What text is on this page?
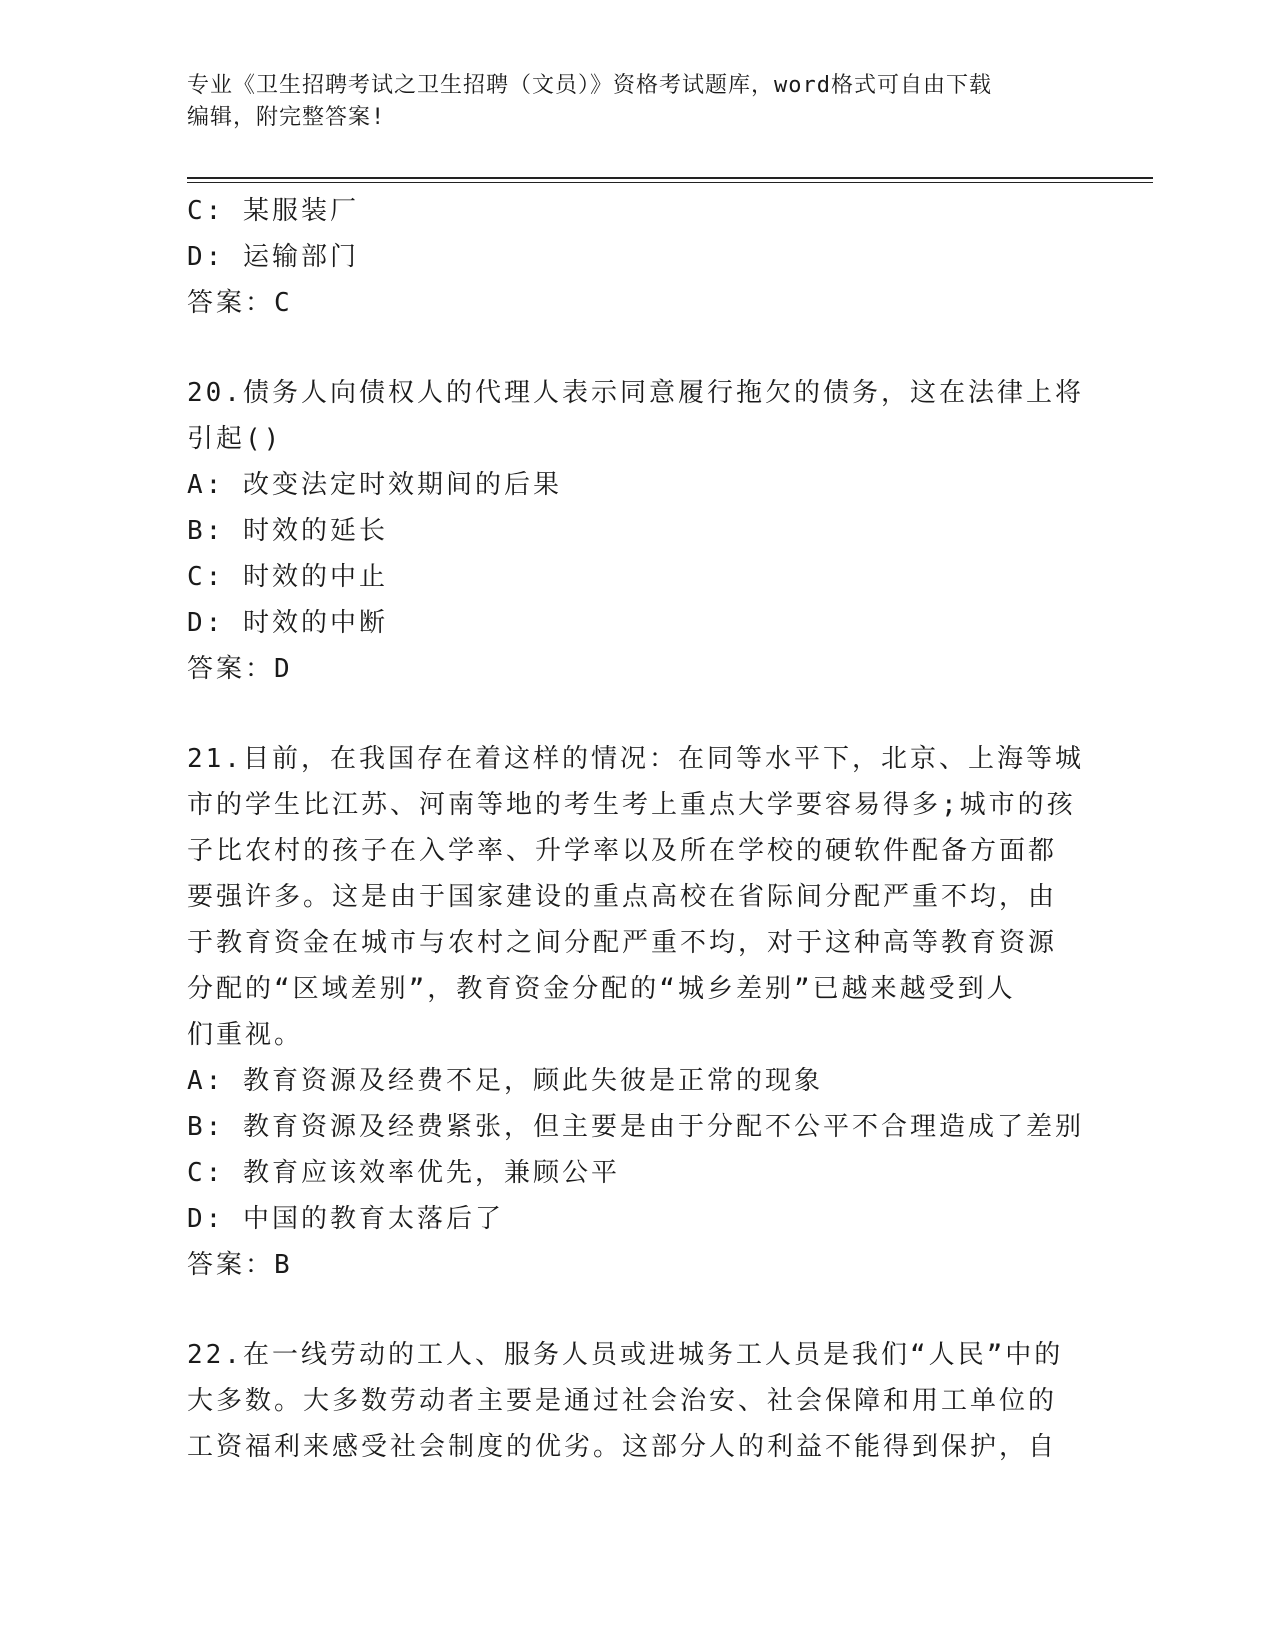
专业《卫生招聘考试之卫生招聘（文员）》资格考试题库，word格式可自由下载
编辑，附完整答案!
C: 某服装厂
D: 运输部门
答案：C
20.债务人向债权人的代理人表示同意履行拖欠的债务，这在法律上将
引起()
A: 改变法定时效期间的后果
B: 时效的延长
C: 时效的中止
D: 时效的中断
答案：D
21.目前，在我国存在着这样的情况：在同等水平下，北京、上海等城
市的学生比江苏、河南等地的考生考上重点大学要容易得多;城市的孩
子比农村的孩子在入学率、升学率以及所在学校的硬软件配备方面都
要强许多。这是由于国家建设的重点高校在省际间分配严重不均，由
于教育资金在城市与农村之间分配严重不均，对于这种高等教育资源
分配的“区域差别”，教育资金分配的“城乡差别”已越来越受到人
们重视。
A: 教育资源及经费不足，顾此失彼是正常的现象
B: 教育资源及经费紧张，但主要是由于分配不公平不合理造成了差别
C: 教育应该效率优先，兼顾公平
D: 中国的教育太落后了
答案：B
22.在一线劳动的工人、服务人员或进城务工人员是我们“人民”中的
大多数。大多数劳动者主要是通过社会治安、社会保障和用工单位的
工资福利来感受社会制度的优劣。这部分人的利益不能得到保护，自
